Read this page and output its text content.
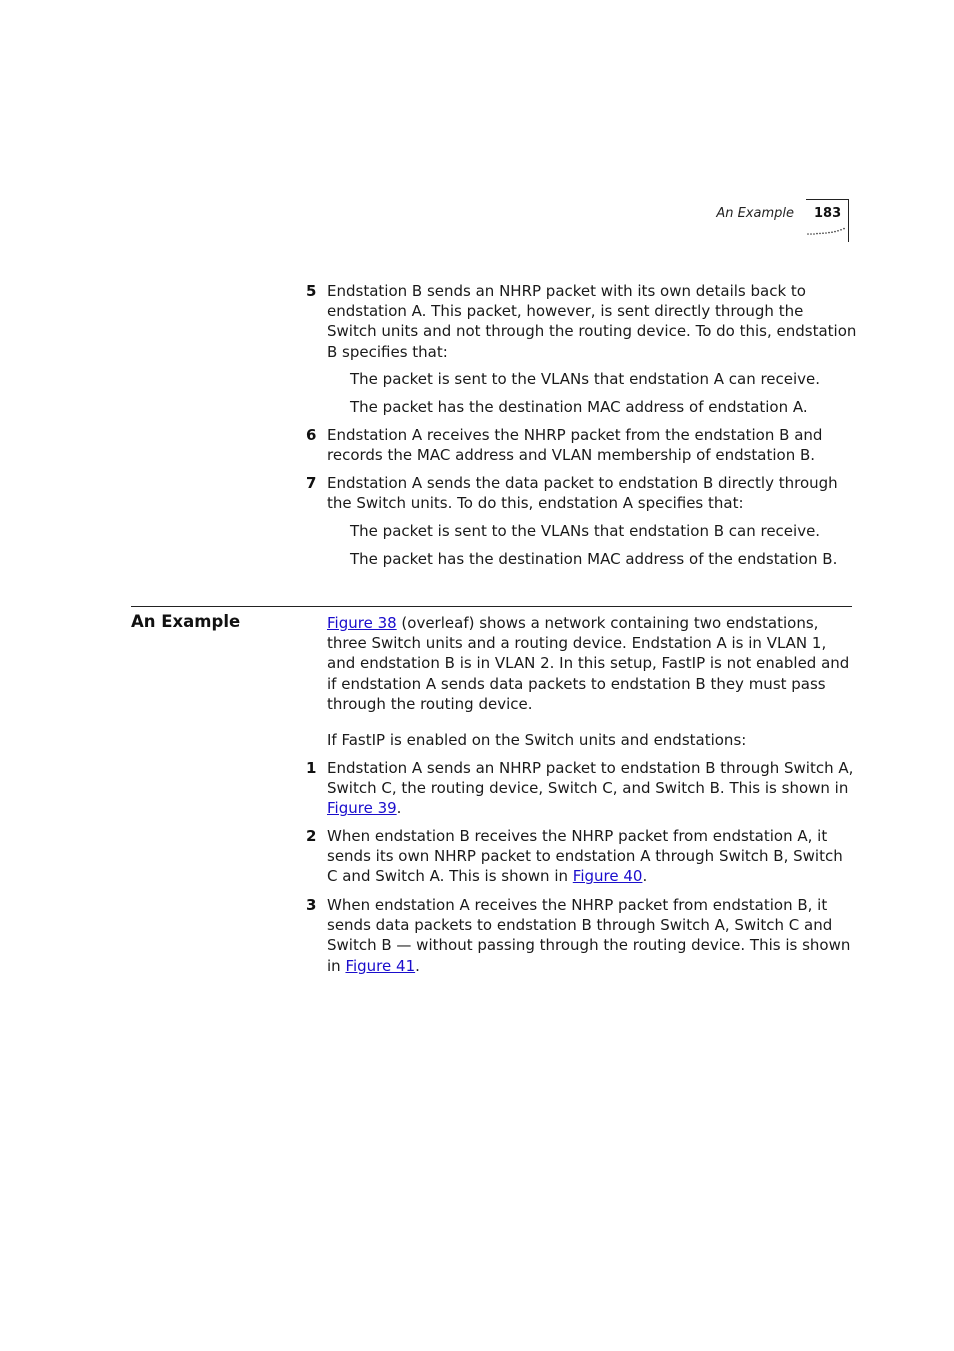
An Example 183
5 Endstation B sends an NHRP packet with its own details back to endstation A. This packet, however, is sent directly through the Switch units and not through the routing device. To do this, endstation B specifies that:
The packet is sent to the VLANs that endstation A can receive.
The packet has the destination MAC address of endstation A.
6 Endstation A receives the NHRP packet from the endstation B and records the MAC address and VLAN membership of endstation B.
7 Endstation A sends the data packet to endstation B directly through the Switch units. To do this, endstation A specifies that:
The packet is sent to the VLANs that endstation B can receive.
The packet has the destination MAC address of the endstation B.
An Example	Figure 38 (overleaf) shows a network containing two endstations, three Switch units and a routing device. Endstation A is in VLAN 1, and endstation B is in VLAN 2. In this setup, FastIP is not enabled and if endstation A sends data packets to endstation B they must pass through the routing device.
If FastIP is enabled on the Switch units and endstations:
1 Endstation A sends an NHRP packet to endstation B through Switch A, Switch C, the routing device, Switch C, and Switch B. This is shown in Figure 39.
2 When endstation B receives the NHRP packet from endstation A, it sends its own NHRP packet to endstation A through Switch B, Switch C and Switch A. This is shown in Figure 40.
3 When endstation A receives the NHRP packet from endstation B, it sends data packets to endstation B through Switch A, Switch C and Switch B — without passing through the routing device. This is shown in Figure 41.
